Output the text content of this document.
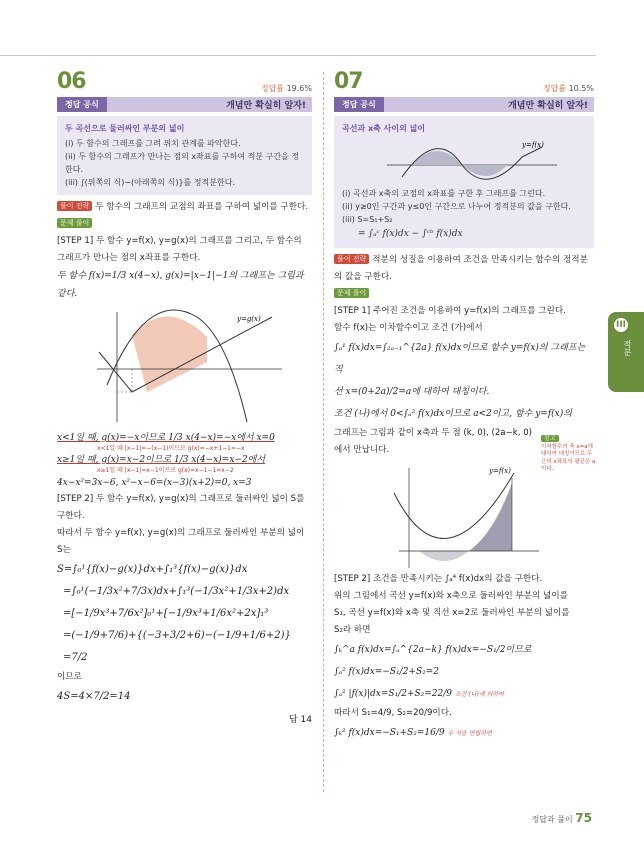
06	정답률 19.6%
정답 공식	개념만 확실히 알자!
두 곡선으로 둘러싸인 부분의 넓이
(i) 두 함수의 그래프를 그려 위치 관계를 파악한다.
(ii) 두 함수의 그래프가 만나는 점의 x좌표를 구하여 적분 구간을 정한다.
(iii) ∫(위쪽의 식)−(아래쪽의 식)}를 정적분한다.
풀이 전략 두 함수의 그래프의 교점의 좌표를 구하여 넓이를 구한다.
문제 풀이
[STEP 1] 두 함수 y=f(x), y=g(x)의 그래프를 그리고, 두 함수의 그래프가 만나는 점의 x좌표를 구한다.
두 함수 f(x)=1/3 x(4−x), g(x)=|x−1|−1의 그래프는 그림과 같다.
y=g(x)
x<1일 때, g(x)=−x이므로 1/3 x(4−x)=−x에서 x=0
x<1일 때 |x−1|=−(x−1)이므로 g(x)=−x+1−1=−x
x≥1일 때, g(x)=x−2이므로 1/3 x(4−x)=x−2에서
x≥1일 때 |x−1|=x−1이므로 g(x)=x−1−1=x−2
4x−x²=3x−6, x²−x−6=(x−3)(x+2)=0, x=3
[STEP 2] 두 함수 y=f(x), y=g(x)의 그래프로 둘러싸인 넓이 S를 구한다.
따라서 두 함수 y=f(x), y=g(x)의 그래프로 둘러싸인 부분의 넓이 S는
S=∫₀¹{f(x)−g(x)}dx+∫₁³{f(x)−g(x)}dx
=∫₀¹(−1/3x²+7/3x)dx+∫₁³(−1/3x²+1/3x+2)dx
=[−1/9x³+7/6x²]₀¹+[−1/9x³+1/6x²+2x]₁³
=(−1/9+7/6)+{(−3+3/2+6)−(−1/9+1/6+2)}
=7/2
이므로
4S=4×7/2=14
답 14
07	정답률 10.5%
정답 공식	개념만 확실히 알자!
곡선과 x축 사이의 넓이
y=f(x)
(i) 곡선과 x축의 교점의 x좌표를 구한 후 그래프를 그린다.
(ii) y≥0인 구간과 y≤0인 구간으로 나누어 정적분의 값을 구한다.
(iii) S=S₁+S₂
= ∫ₐᶜ f(x)dx − ∫ᶜᵇ f(x)dx
풀이 전략 적분의 성질을 이용하여 조건을 만족시키는 함수의 정적분의 값을 구한다.
문제 풀이
[STEP 1] 주어진 조건을 이용하여 y=f(x)의 그래프를 그린다.
함수 f(x)는 이차함수이고 조건 (가)에서
∫ₐ¹ f(x)dx=∫₂ₐ₋₁^{2a} f(x)dx이므로 함수 y=f(x)의 그래프는 직
선 x=(0+2a)/2=a에 대하여 대칭이다.
조건 (나)에서 0<∫ₐ² f(x)dx이므로 a<2이고, 함수 y=f(x)의
그래프는 그림과 같이 x축과 두 점 (k, 0), (2a−k, 0)에서 만납니다.
y=f(x)
[STEP 2] 조건을 만족시키는 ∫ₐ⁴ f(x)dx의 값을 구한다.
위의 그림에서 곡선 y=f(x)와 x축으로 둘러싸인 부분의 넓이를
S₁, 곡선 y=f(x)와 x축 및 직선 x=2로 둘러싸인 부분의 넓이를
S₂라 하면
∫ₖ^a f(x)dx=∫ₐ^{2a−k} f(x)dx=−S₁/2이므로
∫ₐ² f(x)dx=−S₁/2+S₂=2
∫ₐ² |f(x)|dx=S₁/2+S₂=22/9 조건 (나)에 의하여
따라서 S₁=4/9, S₂=20/9이다.
∫ₖ² f(x)dx=−S₁+S₂=16/9 두 식을 연립하면
참고
이차함수의 축 x=a에 대하여 대칭이므로 두 근의 x좌표의 평균은 a이다.
III
적분
정답과 풀이 75
